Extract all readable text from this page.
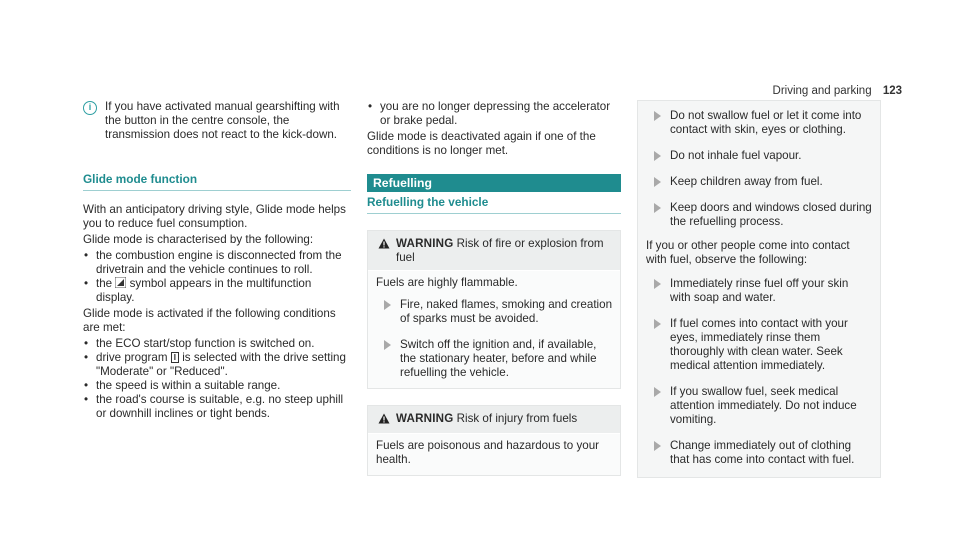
Driving and parking 123
i	If you have activated manual gearshifting with the button in the centre console, the transmission does not react to the kick-down.
Glide mode function

With an anticipatory driving style, Glide mode helps you to reduce fuel consumption.

Glide mode is characterised by the following:

• the combustion engine is disconnected from the drivetrain and the vehicle continues to roll.
• the symbol appears in the multifunction display.

Glide mode is activated if the following conditions are met:

• the ECO start/stop function is switched on.
• drive program I is selected with the drive setting "Moderate" or "Reduced".
• the speed is within a suitable range.
• the road's course is suitable, e.g. no steep uphill or downhill inclines or tight bends.
• you are no longer depressing the accelerator or brake pedal.

Glide mode is deactivated again if one of the conditions is no longer met.

Refuelling
Refuelling the vehicle
WARNING Risk of fire or explosion from fuel

Fuels are highly flammable.

Fire, naked flames, smoking and creation of sparks must be avoided.
Switch off the ignition and, if available, the stationary heater, before and while refuelling the vehicle.
WARNING Risk of injury from fuels

Fuels are poisonous and hazardous to your health.

Do not swallow fuel or let it come into contact with skin, eyes or clothing.
Do not inhale fuel vapour.
Keep children away from fuel.
Keep doors and windows closed during the refuelling process.

If you or other people come into contact with fuel, observe the following:

Immediately rinse fuel off your skin with soap and water.
If fuel comes into contact with your eyes, immediately rinse them thoroughly with clean water. Seek medical attention immediately.
If you swallow fuel, seek medical attention immediately. Do not induce vomiting.
Change immediately out of clothing that has come into contact with fuel.
